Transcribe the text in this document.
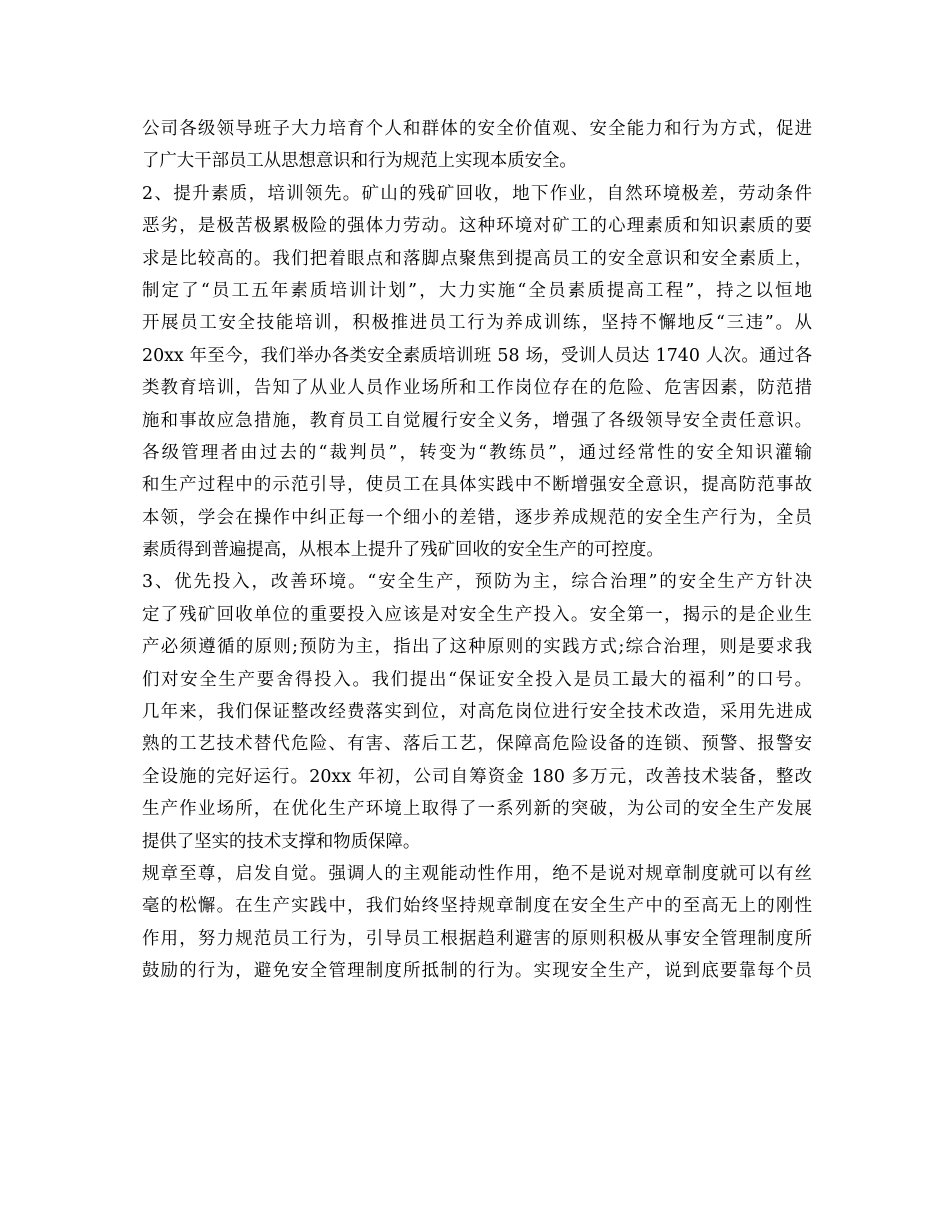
公司各级领导班子大力培育个人和群体的安全价值观、安全能力和行为方式，促进
了广大干部员工从思想意识和行为规范上实现本质安全。
2、提升素质，培训领先。矿山的残矿回收，地下作业，自然环境极差，劳动条件
恶劣，是极苦极累极险的强体力劳动。这种环境对矿工的心理素质和知识素质的要
求是比较高的。我们把着眼点和落脚点聚焦到提高员工的安全意识和安全素质上，
制定了“员工五年素质培训计划”，大力实施“全员素质提高工程”，持之以恒地
开展员工安全技能培训，积极推进员工行为养成训练，坚持不懈地反“三违”。从
20xx 年至今，我们举办各类安全素质培训班 58 场，受训人员达 1740 人次。通过各
类教育培训，告知了从业人员作业场所和工作岗位存在的危险、危害因素，防范措
施和事故应急措施，教育员工自觉履行安全义务，增强了各级领导安全责任意识。
各级管理者由过去的“裁判员”，转变为“教练员”，通过经常性的安全知识灌输
和生产过程中的示范引导，使员工在具体实践中不断增强安全意识，提高防范事故
本领，学会在操作中纠正每一个细小的差错，逐步养成规范的安全生产行为，全员
素质得到普遍提高，从根本上提升了残矿回收的安全生产的可控度。
3、优先投入，改善环境。“安全生产，预防为主，综合治理”的安全生产方针决
定了残矿回收单位的重要投入应该是对安全生产投入。安全第一，揭示的是企业生
产必须遵循的原则;预防为主，指出了这种原则的实践方式;综合治理，则是要求我
们对安全生产要舍得投入。我们提出“保证安全投入是员工最大的福利”的口号。
几年来，我们保证整改经费落实到位，对高危岗位进行安全技术改造，采用先进成
熟的工艺技术替代危险、有害、落后工艺，保障高危险设备的连锁、预警、报警安
全设施的完好运行。20xx 年初，公司自筹资金 180 多万元，改善技术装备，整改
生产作业场所，在优化生产环境上取得了一系列新的突破，为公司的安全生产发展
提供了坚实的技术支撑和物质保障。
规章至尊，启发自觉。强调人的主观能动性作用，绝不是说对规章制度就可以有丝
毫的松懈。在生产实践中，我们始终坚持规章制度在安全生产中的至高无上的刚性
作用，努力规范员工行为，引导员工根据趋利避害的原则积极从事安全管理制度所
鼓励的行为，避免安全管理制度所抵制的行为。实现安全生产，说到底要靠每个员
